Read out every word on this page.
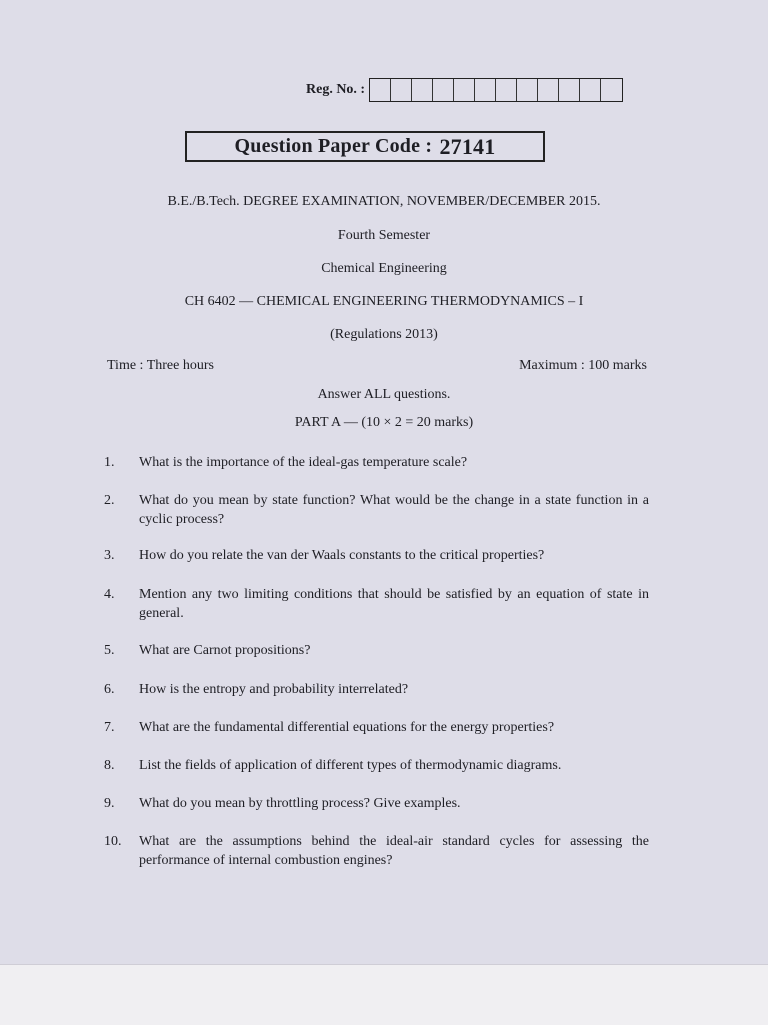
Reg. No. :
Question Paper Code :
27141
B.E./B.Tech. DEGREE EXAMINATION, NOVEMBER/DECEMBER 2015.
Fourth Semester
Chemical Engineering
CH 6402 — CHEMICAL ENGINEERING THERMODYNAMICS – I
(Regulations 2013)
Time : Three hours	Maximum : 100 marks
Answer ALL questions.
PART A — (10 × 2 = 20 marks)
1.	What is the importance of the ideal-gas temperature scale?
2.	What do you mean by state function? What would be the change in a state function in a cyclic process?
3.	How do you relate the van der Waals constants to the critical properties?
4.	Mention any two limiting conditions that should be satisfied by an equation of state in general.
5.	What are Carnot propositions?
6.	How is the entropy and probability interrelated?
7.	What are the fundamental differential equations for the energy properties?
8.	List the fields of application of different types of thermodynamic diagrams.
9.	What do you mean by throttling process? Give examples.
10.	What are the assumptions behind the ideal-air standard cycles for assessing the performance of internal combustion engines?
